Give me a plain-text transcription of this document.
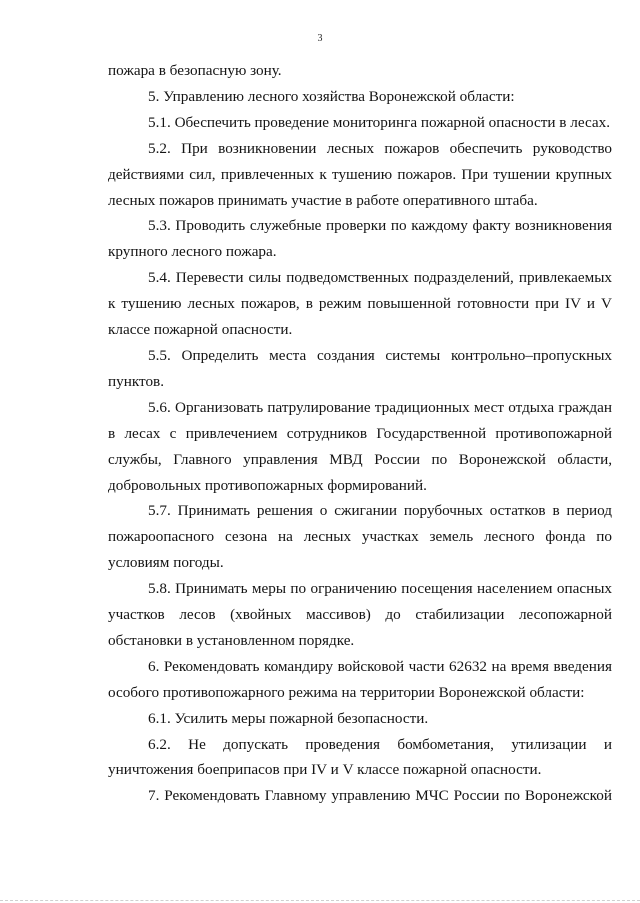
3

пожара в безопасную зону.

5. Управлению лесного хозяйства Воронежской области:

5.1. Обеспечить проведение мониторинга пожарной опасности в лесах.

5.2. При возникновении лесных пожаров обеспечить руководство действиями сил, привлеченных к тушению пожаров. При тушении крупных лесных пожаров принимать участие в работе оперативного штаба.

5.3. Проводить служебные проверки по каждому факту возникновения крупного лесного пожара.

5.4. Перевести силы подведомственных подразделений, привлекаемых к тушению лесных пожаров, в режим повышенной готовности при IV и V классе пожарной опасности.

5.5. Определить места создания системы контрольно–пропускных пунктов.

5.6. Организовать патрулирование традиционных мест отдыха граждан в лесах с привлечением сотрудников Государственной противопожарной службы, Главного управления МВД России по Воронежской области, добровольных противопожарных формирований.

5.7. Принимать решения о сжигании порубочных остатков в период пожароопасного сезона на лесных участках земель лесного фонда по условиям погоды.

5.8. Принимать меры по ограничению посещения населением опасных участков лесов (хвойных массивов) до стабилизации лесопожарной обстановки в установленном порядке.

6. Рекомендовать командиру войсковой части 62632 на время введения особого противопожарного режима на территории Воронежской области:

6.1. Усилить меры пожарной безопасности.

6.2. Не допускать проведения бомбометания, утилизации и уничтожения боеприпасов при IV и V классе пожарной опасности.

7. Рекомендовать Главному управлению МЧС России по Воронежской
